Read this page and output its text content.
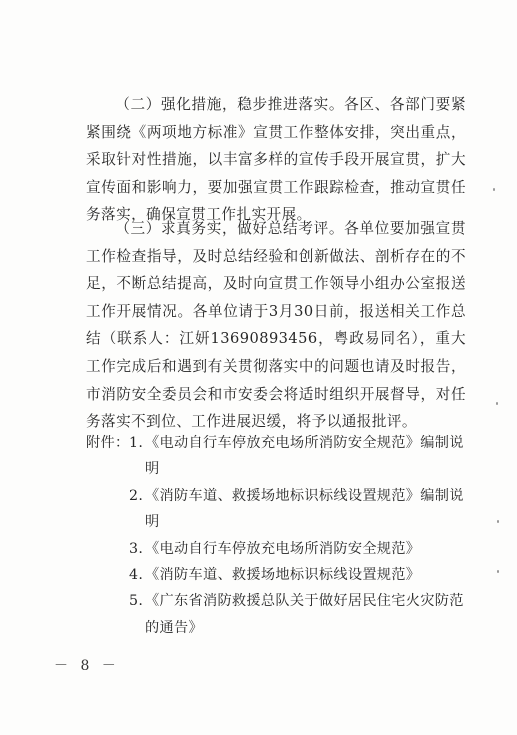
（二）强化措施，稳步推进落实。各区、各部门要紧紧围绕《两项地方标准》宣贯工作整体安排，突出重点，采取针对性措施，以丰富多样的宣传手段开展宣贯，扩大宣传面和影响力，要加强宣贯工作跟踪检查，推动宣贯任务落实，确保宣贯工作扎实开展。

（三）求真务实，做好总结考评。各单位要加强宣贯工作检查指导，及时总结经验和创新做法、剖析存在的不足，不断总结提高，及时向宣贯工作领导小组办公室报送工作开展情况。各单位请于3月30日前，报送相关工作总结（联系人：江妍13690893456，粤政易同名），重大工作完成后和遇到有关贯彻落实中的问题也请及时报告，市消防安全委员会和市安委会将适时组织开展督导，对任务落实不到位、工作进展迟缓，将予以通报批评。

附件： 1. 《电动自行车停放充电场所消防安全规范》编制说明
2. 《消防车道、救援场地标识标线设置规范》编制说明
3. 《电动自行车停放充电场所消防安全规范》
4. 《消防车道、救援场地标识标线设置规范》
5. 《广东省消防救援总队关于做好居民住宅火灾防范的通告》
－ 8 －
